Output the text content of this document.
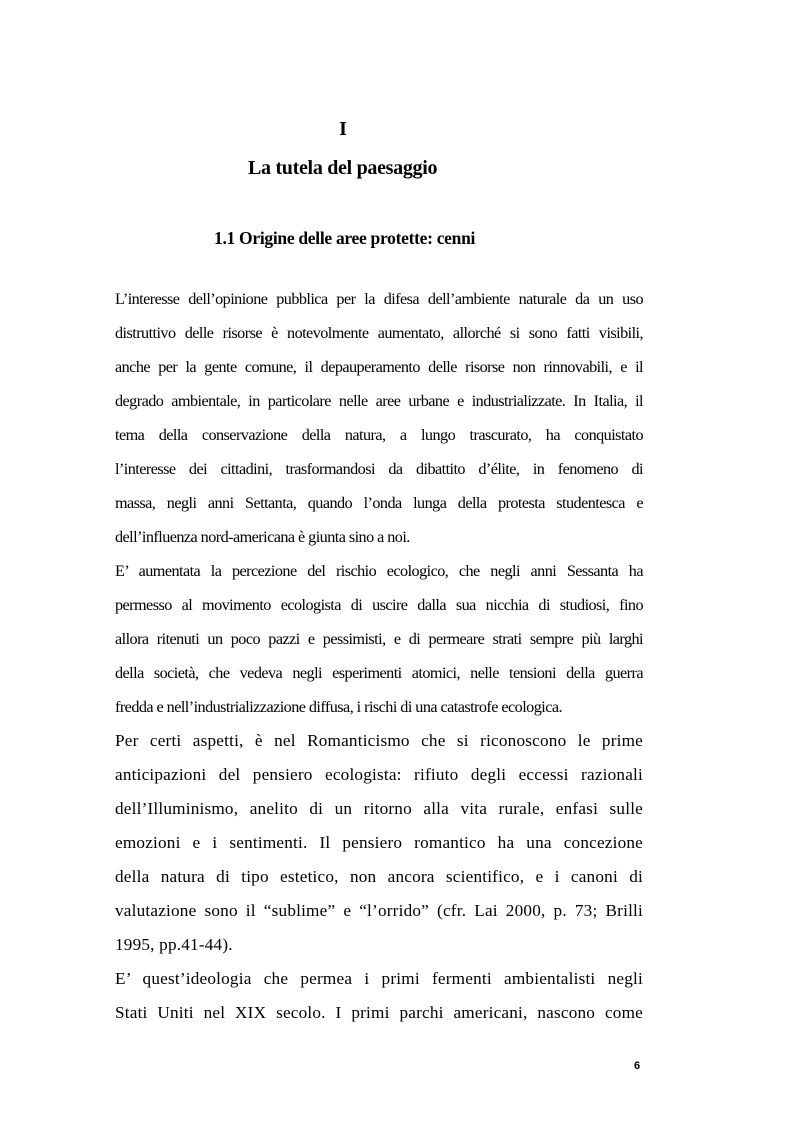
I
La tutela del paesaggio
1.1 Origine delle aree protette: cenni
L’interesse dell’opinione pubblica per la difesa dell’ambiente naturale da un uso
distruttivo delle risorse è notevolmente aumentato, allorché si sono fatti visibili,
anche per la gente comune, il depauperamento delle risorse non rinnovabili, e il
degrado ambientale, in particolare nelle aree urbane e industrializzate. In Italia, il
tema della conservazione della natura, a lungo trascurato, ha conquistato
l’interesse dei cittadini, trasformandosi da dibattito d’élite, in fenomeno di
massa, negli anni Settanta, quando l’onda lunga della protesta studentesca e
dell’influenza nord-americana è giunta sino a noi.
E’ aumentata la percezione del rischio ecologico, che negli anni Sessanta ha
permesso al movimento ecologista di uscire dalla sua nicchia di studiosi, fino
allora ritenuti un poco pazzi e pessimisti, e di permeare strati sempre più larghi
della società, che vedeva negli esperimenti atomici, nelle tensioni della guerra
fredda e nell’industrializzazione diffusa, i rischi di una catastrofe ecologica.
Per certi aspetti, è nel Romanticismo che si riconoscono le prime
anticipazioni del pensiero ecologista: rifiuto degli eccessi razionali
dell’Illuminismo, anelito di un ritorno alla vita rurale, enfasi sulle
emozioni e i sentimenti. Il pensiero romantico ha una concezione
della natura di tipo estetico, non ancora scientifico, e i canoni di
valutazione sono il “sublime” e “l’orrido” (cfr. Lai 2000, p. 73; Brilli
1995, pp.41-44).
E’ quest’ideologia che permea i primi fermenti ambientalisti negli
Stati Uniti nel XIX secolo. I primi parchi americani, nascono come
6
